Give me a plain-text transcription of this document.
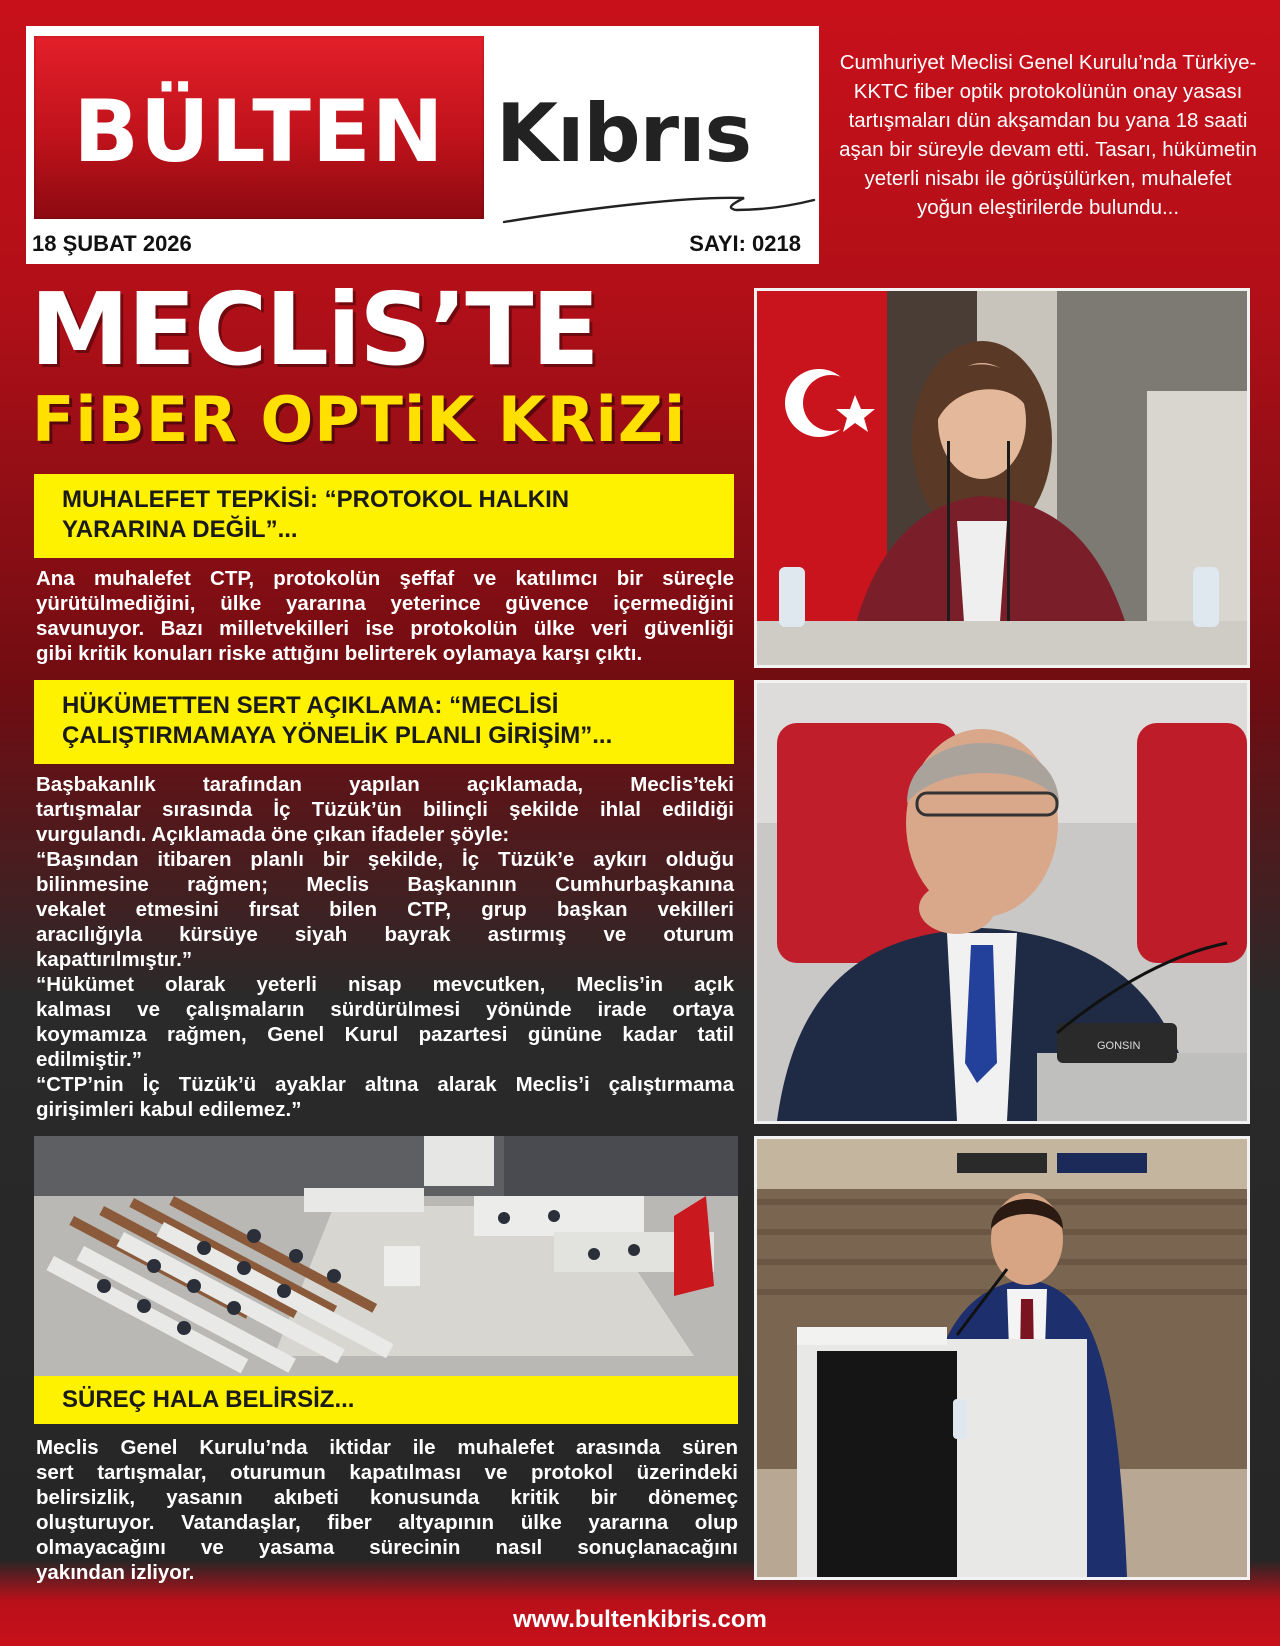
BÜLTEN Kıbrıs
18 ŞUBAT 2026	SAYI: 0218
Cumhuriyet Meclisi Genel Kurulu’nda Türkiye-KKTC fiber optik protokolünün onay yasası tartışmaları dün akşamdan bu yana 18 saati aşan bir süreyle devam etti. Tasarı, hükümetin yeterli nisabı ile görüşülürken, muhalefet yoğun eleştirilerde bulundu...
MECLiS’TE
FiBER OPTiK KRiZi
MUHALEFET TEPKİSİ: “PROTOKOL HALKIN
YARARINA DEĞİL”...
Ana muhalefet CTP, protokolün şeffaf ve katılımcı bir süreçle
yürütülmediğini, ülke yararına yeterince güvence içermediğini
savunuyor. Bazı milletvekilleri ise protokolün ülke veri güvenliği
gibi kritik konuları riske attığını belirterek oylamaya karşı çıktı.
HÜKÜMETTEN SERT AÇIKLAMA: “MECLİSİ
ÇALIŞTIRMAMAYA YÖNELİK PLANLI GİRİŞİM”...
Başbakanlık tarafından yapılan açıklamada, Meclis’teki
tartışmalar sırasında İç Tüzük’ün bilinçli şekilde ihlal edildiği
vurgulandı. Açıklamada öne çıkan ifadeler şöyle:
“Başından itibaren planlı bir şekilde, İç Tüzük’e aykırı olduğu
bilinmesine rağmen; Meclis Başkanının Cumhurbaşkanına
vekalet etmesini fırsat bilen CTP, grup başkan vekilleri
aracılığıyla kürsüye siyah bayrak astırmış ve oturum
kapattırılmıştır.”
“Hükümet olarak yeterli nisap mevcutken, Meclis’in açık
kalması ve çalışmaların sürdürülmesi yönünde irade ortaya
koymamıza rağmen, Genel Kurul pazartesi gününe kadar tatil
edilmiştir.”
“CTP’nin İç Tüzük’ü ayaklar altına alarak Meclis’i çalıştırmama
girişimleri kabul edilemez.”
SÜREÇ HALA BELİRSİZ...
Meclis Genel Kurulu’nda iktidar ile muhalefet arasında süren
sert tartışmalar, oturumun kapatılması ve protokol üzerindeki
belirsizlik, yasanın akıbeti konusunda kritik bir dönemeç
oluşturuyor. Vatandaşlar, fiber altyapının ülke yararına olup
olmayacağını ve yasama sürecinin nasıl sonuçlanacağını
yakından izliyor.
GONSIN
www.bultenkibris.com
